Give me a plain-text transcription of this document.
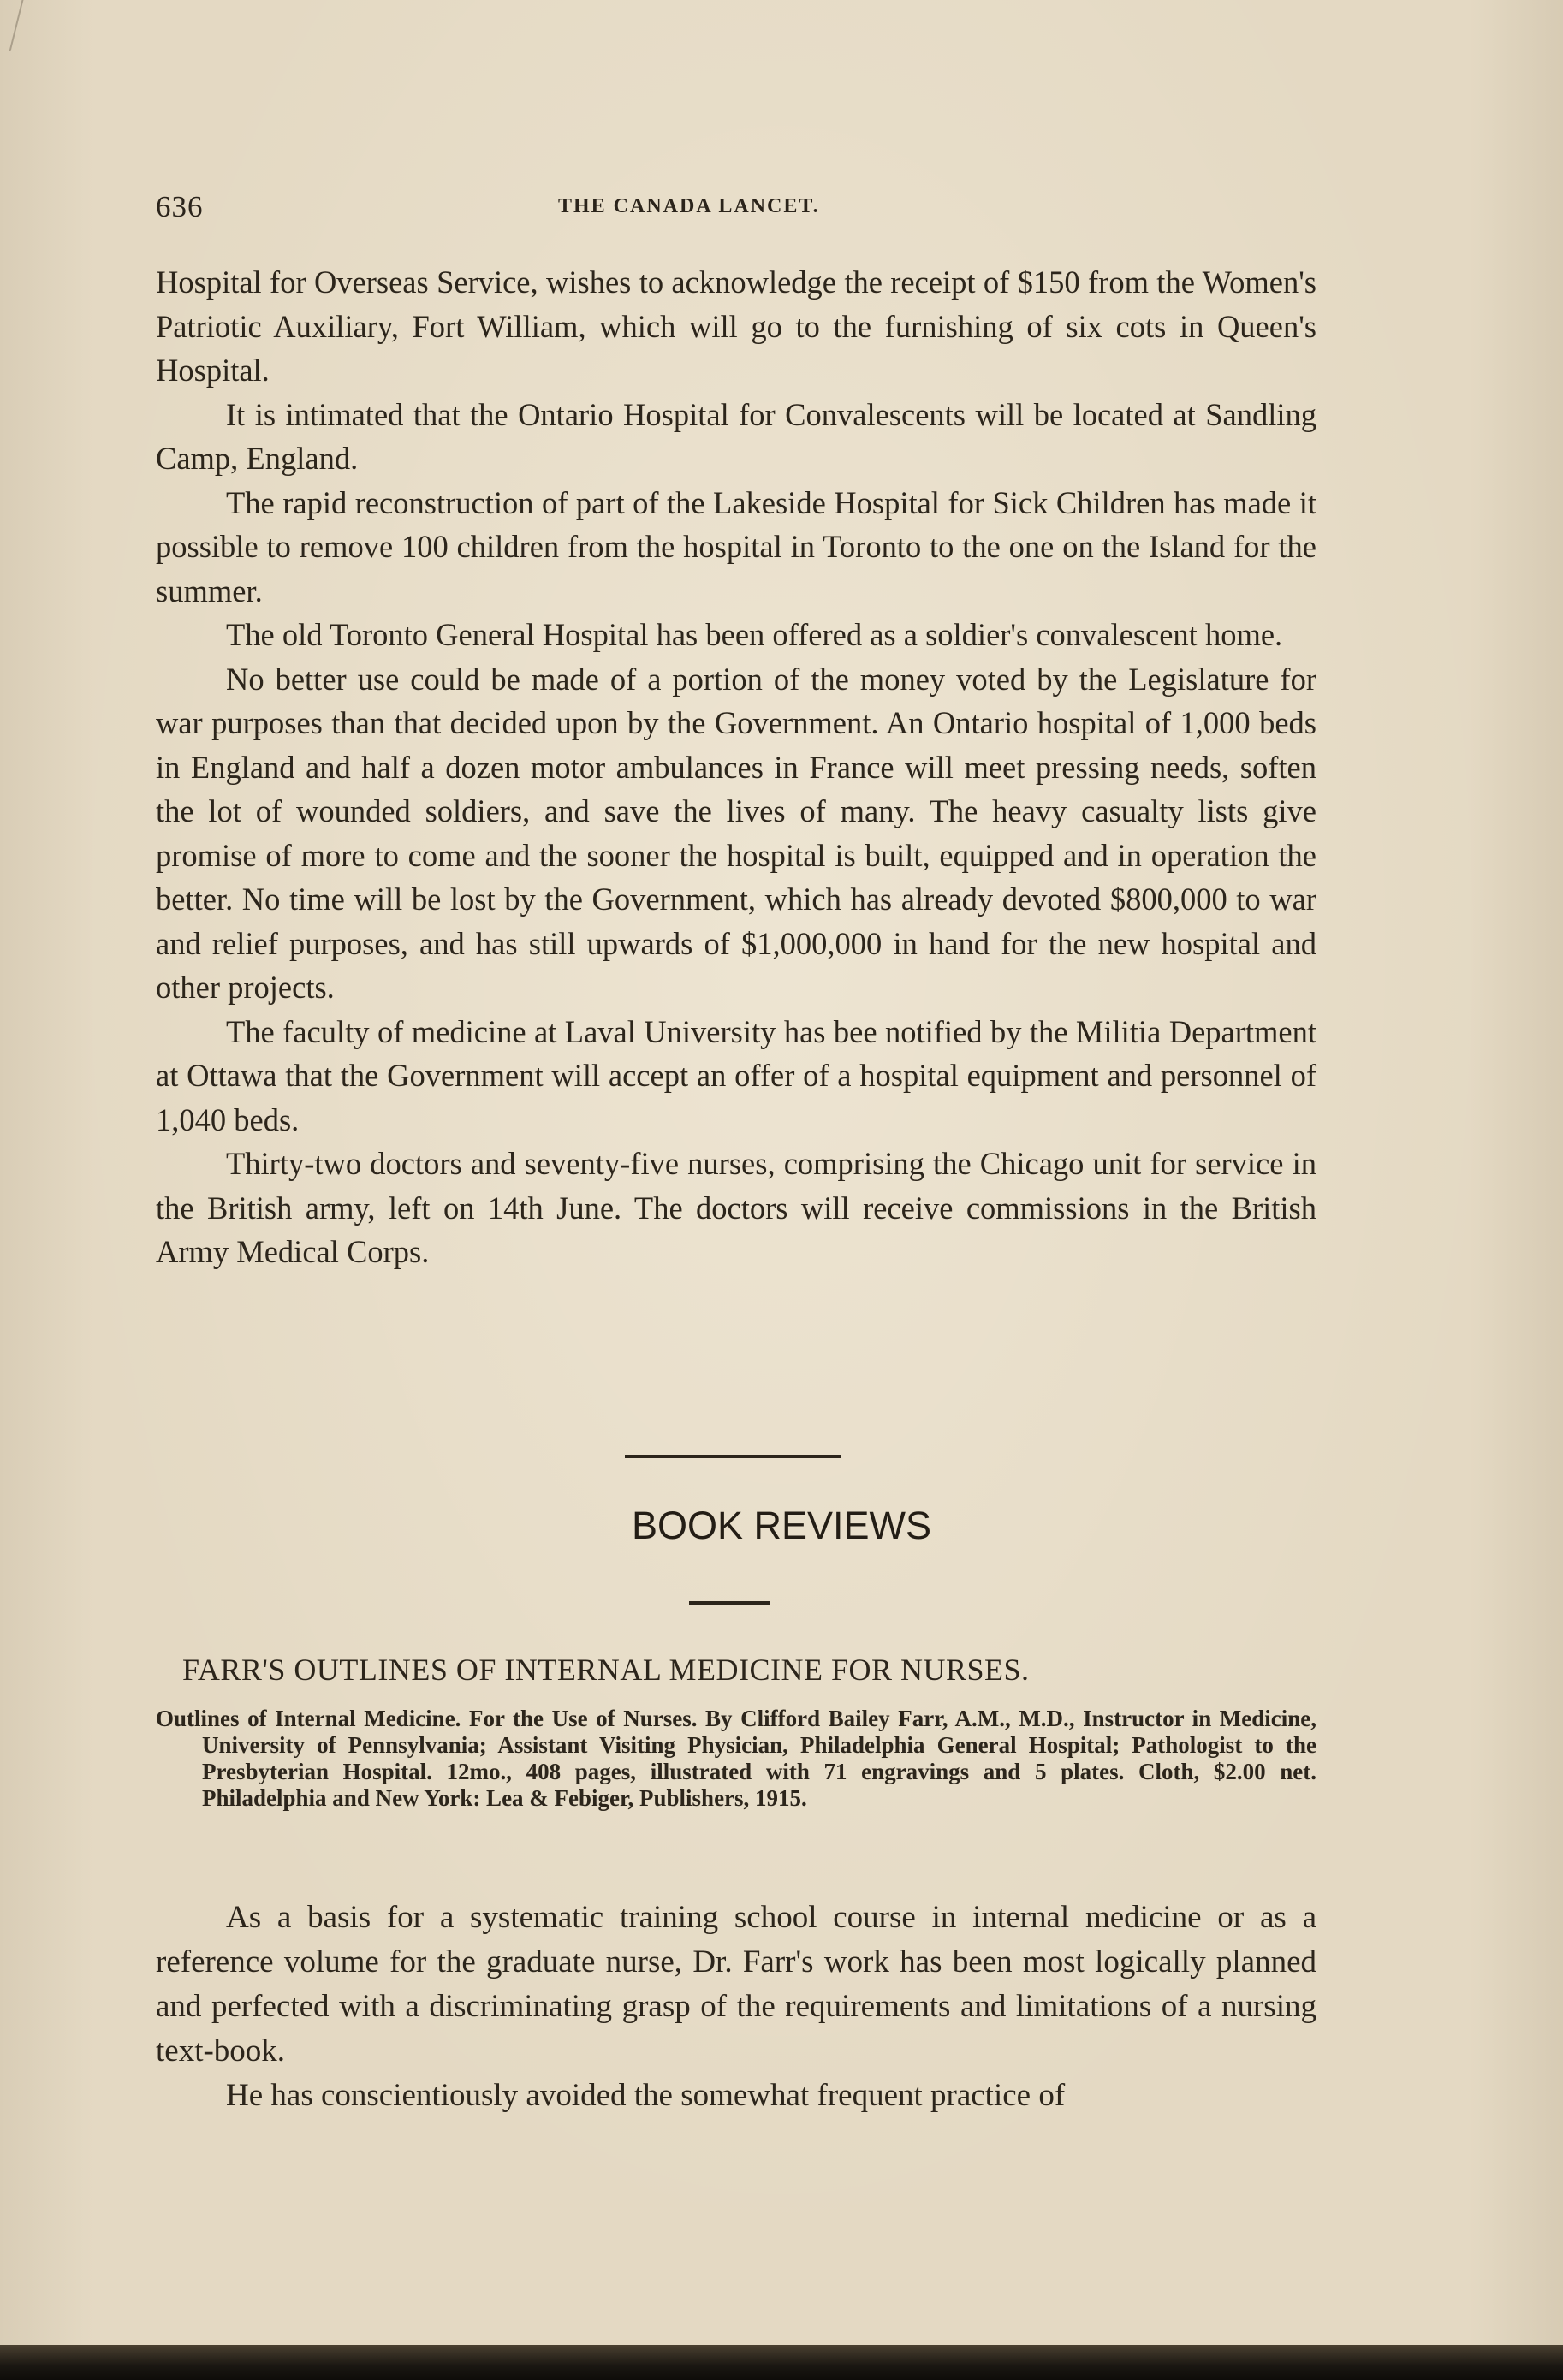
636	THE CANADA LANCET.

Hospital for Overseas Service, wishes to acknowledge the receipt of $150 from the Women's Patriotic Auxiliary, Fort William, which will go to the furnishing of six cots in Queen's Hospital.

It is intimated that the Ontario Hospital for Convalescents will be located at Sandling Camp, England.

The rapid reconstruction of part of the Lakeside Hospital for Sick Children has made it possible to remove 100 children from the hospital in Toronto to the one on the Island for the summer.

The old Toronto General Hospital has been offered as a soldier's convalescent home.

No better use could be made of a portion of the money voted by the Legislature for war purposes than that decided upon by the Government. An Ontario hospital of 1,000 beds in England and half a dozen motor ambulances in France will meet pressing needs, soften the lot of wounded soldiers, and save the lives of many. The heavy casualty lists give promise of more to come and the sooner the hospital is built, equipped and in operation the better. No time will be lost by the Government, which has already devoted $800,000 to war and relief purposes, and has still upwards of $1,000,000 in hand for the new hospital and other projects.

The faculty of medicine at Laval University has bee notified by the Militia Department at Ottawa that the Government will accept an offer of a hospital equipment and personnel of 1,040 beds.

Thirty-two doctors and seventy-five nurses, comprising the Chicago unit for service in the British army, left on 14th June. The doctors will receive commissions in the British Army Medical Corps.

BOOK REVIEWS
FARR'S OUTLINES OF INTERNAL MEDICINE FOR NURSES.
Outlines of Internal Medicine. For the Use of Nurses. By Clifford Bailey Farr, A.M., M.D., Instructor in Medicine, University of Pennsylvania; Assistant Visiting Physician, Philadelphia General Hospital; Pathologist to the Presbyterian Hospital. 12mo., 408 pages, illustrated with 71 engravings and 5 plates. Cloth, $2.00 net. Philadelphia and New York: Lea & Febiger, Publishers, 1915.

As a basis for a systematic training school course in internal medicine or as a reference volume for the graduate nurse, Dr. Farr's work has been most logically planned and perfected with a discriminating grasp of the requirements and limitations of a nursing text-book.

He has conscientiously avoided the somewhat frequent practice of
